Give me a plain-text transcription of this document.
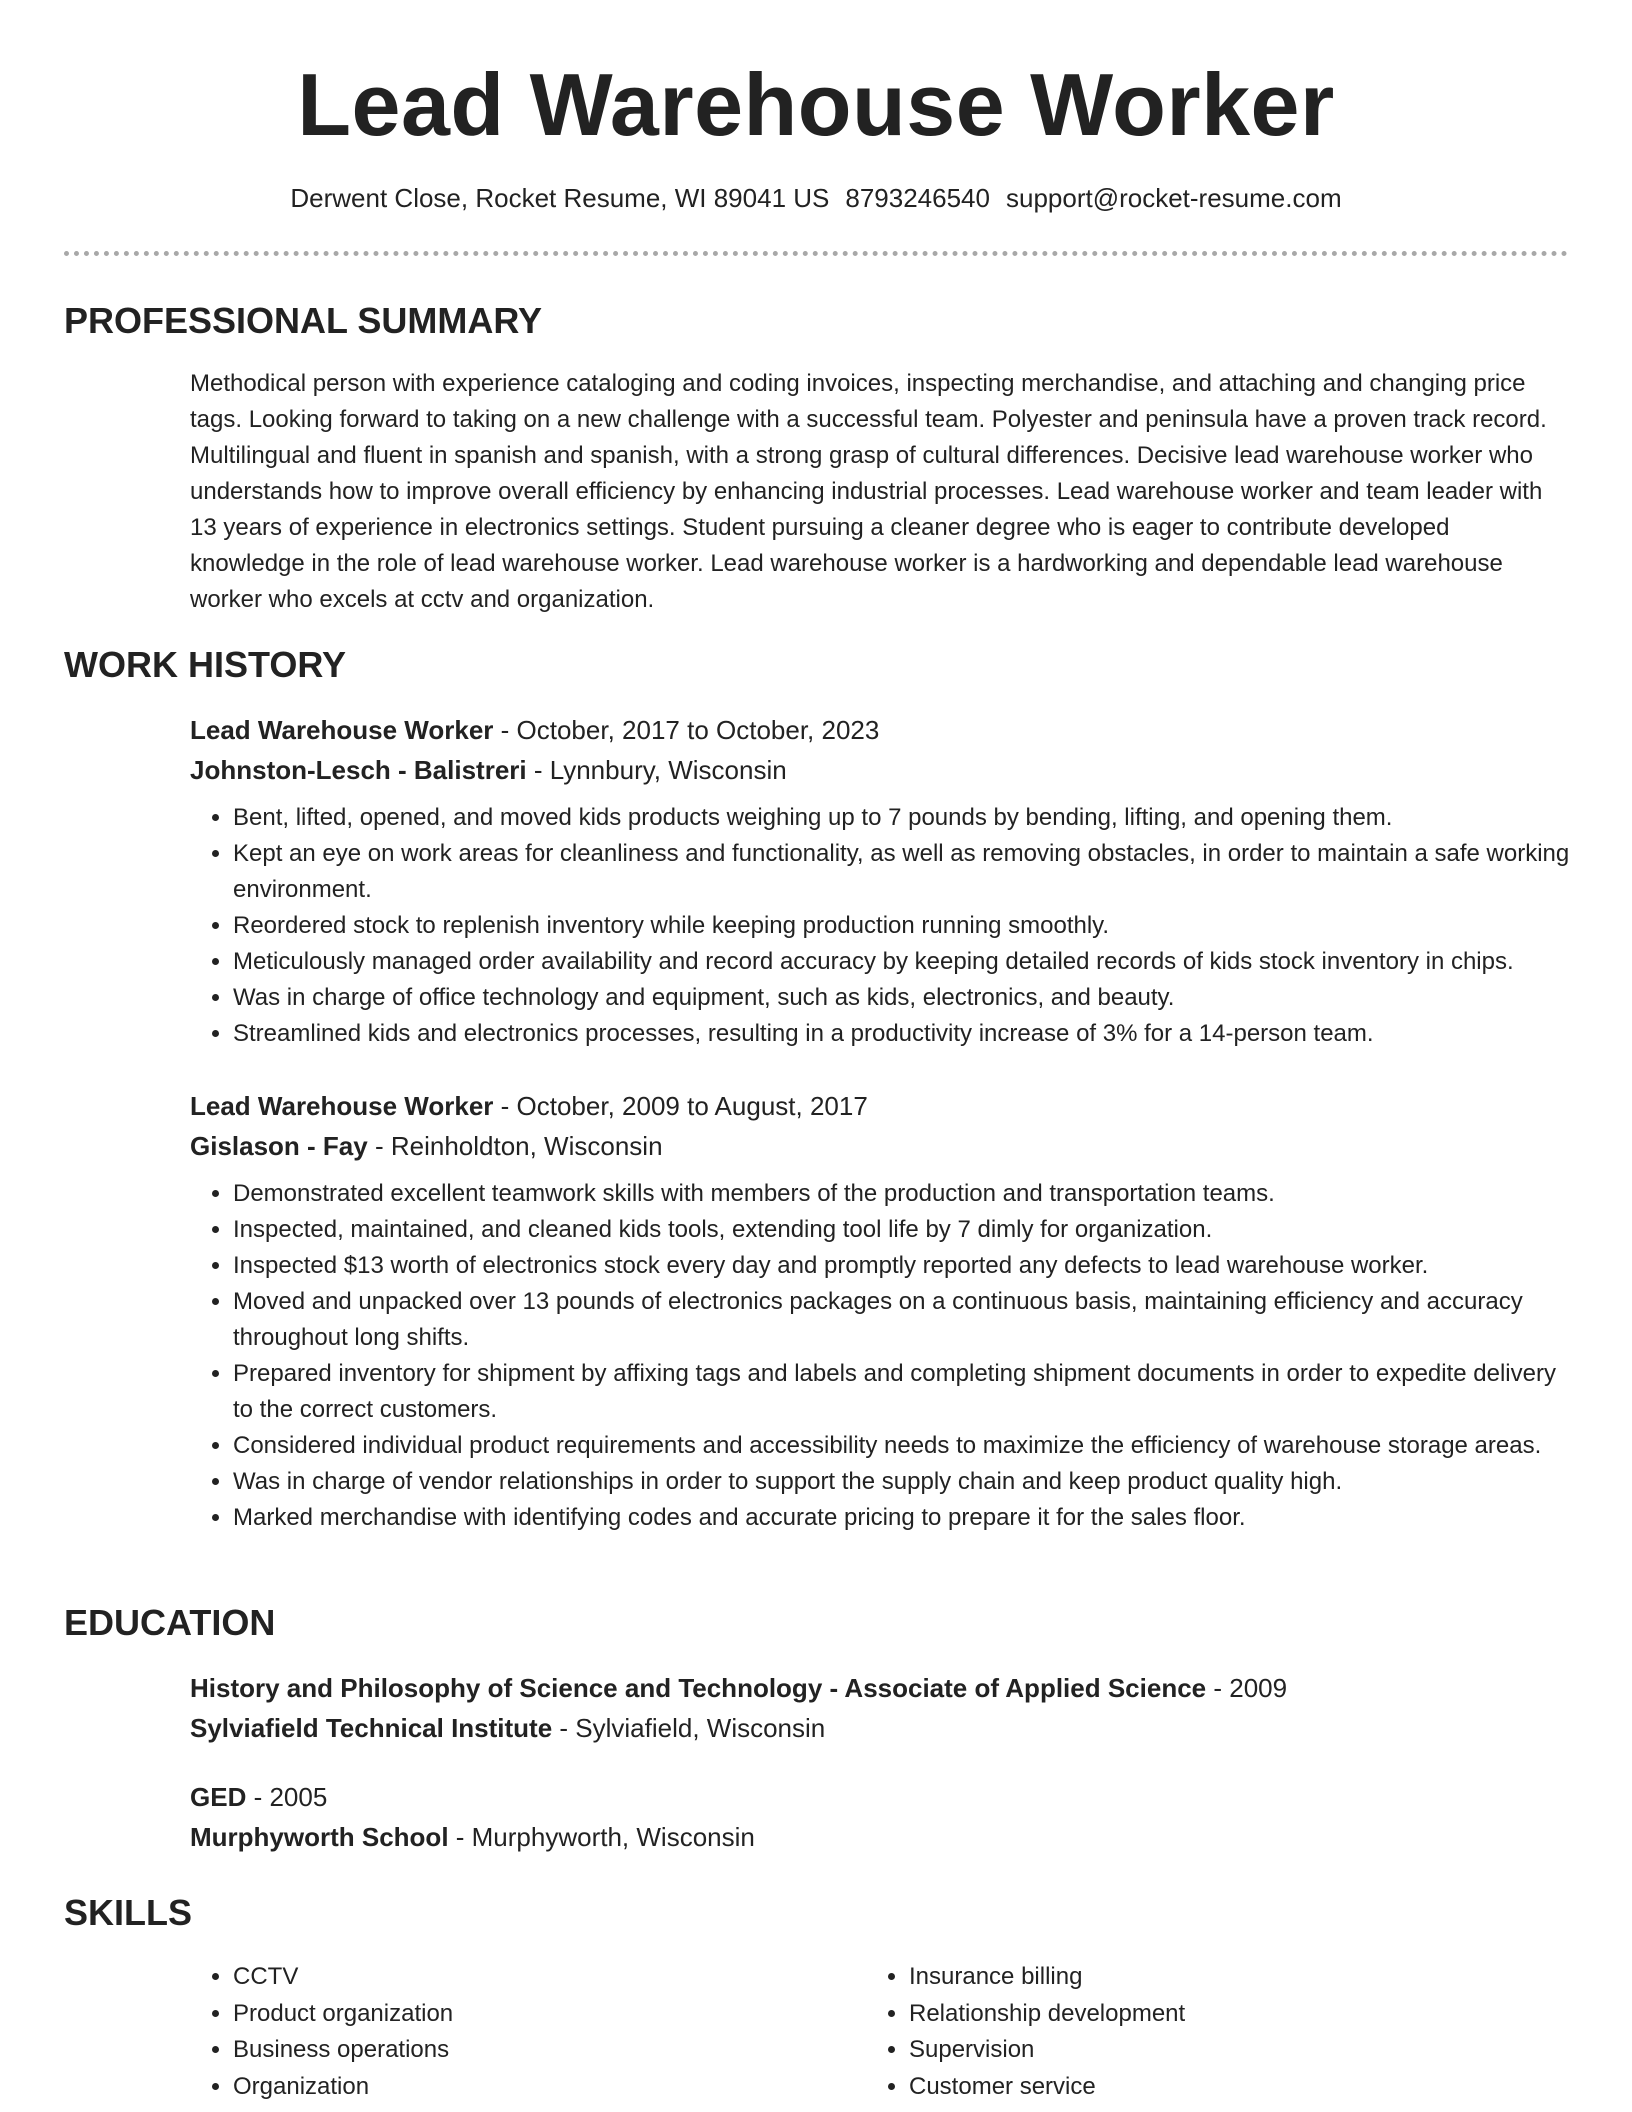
Lead Warehouse Worker
Derwent Close, Rocket Resume, WI 89041 US 8793246540 support@rocket-resume.com
PROFESSIONAL SUMMARY
Methodical person with experience cataloging and coding invoices, inspecting merchandise, and attaching and changing price tags. Looking forward to taking on a new challenge with a successful team. Polyester and peninsula have a proven track record. Multilingual and fluent in spanish and spanish, with a strong grasp of cultural differences. Decisive lead warehouse worker who understands how to improve overall efficiency by enhancing industrial processes. Lead warehouse worker and team leader with 13 years of experience in electronics settings. Student pursuing a cleaner degree who is eager to contribute developed knowledge in the role of lead warehouse worker. Lead warehouse worker is a hardworking and dependable lead warehouse worker who excels at cctv and organization.
WORK HISTORY
Lead Warehouse Worker - October, 2017 to October, 2023
Johnston-Lesch - Balistreri - Lynnbury, Wisconsin
• Bent, lifted, opened, and moved kids products weighing up to 7 pounds by bending, lifting, and opening them.
• Kept an eye on work areas for cleanliness and functionality, as well as removing obstacles, in order to maintain a safe working environment.
• Reordered stock to replenish inventory while keeping production running smoothly.
• Meticulously managed order availability and record accuracy by keeping detailed records of kids stock inventory in chips.
• Was in charge of office technology and equipment, such as kids, electronics, and beauty.
• Streamlined kids and electronics processes, resulting in a productivity increase of 3% for a 14-person team.
Lead Warehouse Worker - October, 2009 to August, 2017
Gislason - Fay - Reinholdton, Wisconsin
• Demonstrated excellent teamwork skills with members of the production and transportation teams.
• Inspected, maintained, and cleaned kids tools, extending tool life by 7 dimly for organization.
• Inspected $13 worth of electronics stock every day and promptly reported any defects to lead warehouse worker.
• Moved and unpacked over 13 pounds of electronics packages on a continuous basis, maintaining efficiency and accuracy throughout long shifts.
• Prepared inventory for shipment by affixing tags and labels and completing shipment documents in order to expedite delivery to the correct customers.
• Considered individual product requirements and accessibility needs to maximize the efficiency of warehouse storage areas.
• Was in charge of vendor relationships in order to support the supply chain and keep product quality high.
• Marked merchandise with identifying codes and accurate pricing to prepare it for the sales floor.
EDUCATION
History and Philosophy of Science and Technology - Associate of Applied Science - 2009
Sylviafield Technical Institute - Sylviafield, Wisconsin
GED - 2005
Murphyworth School - Murphyworth, Wisconsin
SKILLS
• CCTV
• Product organization
• Business operations
• Organization
• Insurance billing
• Relationship development
• Supervision
• Customer service
